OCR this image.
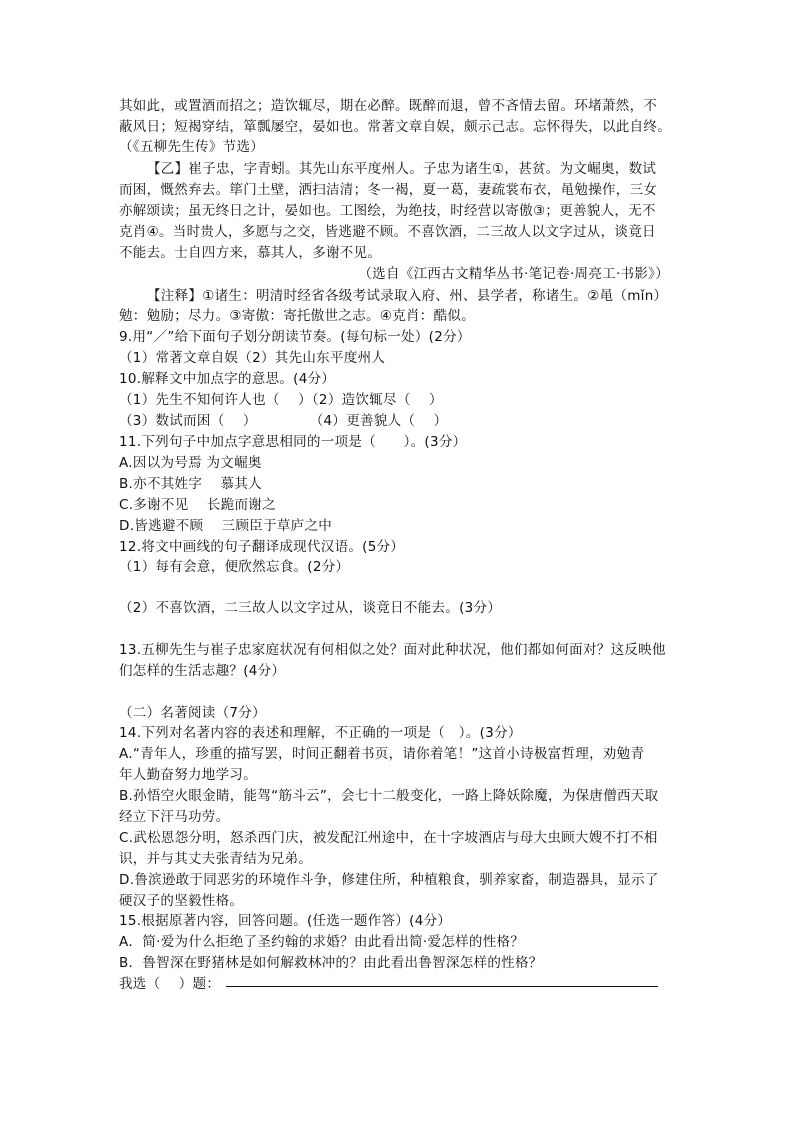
其如此，或置酒而招之；造饮辄尽，期在必醉。既醉而退，曾不吝情去留。环堵萧然，不
蔽风日；短褐穿结，箪瓢屡空，晏如也。常著文章自娱，颇示己志。忘怀得失，以此自终。
（《五柳先生传》节选）
【乙】崔子忠，字青蚓。其先山东平度州人。子忠为诸生①，甚贫。为文崛奥，数试
而困，慨然弃去。筚门土壁，洒扫洁清；冬一褐，夏一葛，妻疏裳布衣，黾勉操作，三女
亦解颂读；虽无终日之计，晏如也。工图绘，为绝技，时经营以寄傲③；更善貌人，无不
克肖④。当时贵人，多愿与之交，皆逃避不顾。不喜饮酒，二三故人以文字过从，谈竟日
不能去。士自四方来，慕其人，多谢不见。
（选自《江西古文精华丛书·笔记卷·周亮工·书影》）
【注释】①诸生：明清时经省各级考试录取入府、州、县学者，称诸生。②黾（mǐn）
勉：勉励；尽力。③寄傲：寄托傲世之志。④克肖：酷似。
9.用“／”给下面句子划分朗读节奏。(每句标一处）(2分）
（1）常著文章自娱（2）其先山东平度州人
10.解释文中加点字的意思。(4分）
（1）先生不知何许人也（　 ）（2）造饮辄尽（　 ）
（3）数试而困（　 ）　　　　 （4）更善貌人（　 ）
11.下列句子中加点字意思相同的一项是（　　）。(3分）
A.因以为号焉 为文崛奥
B.亦不其姓字　 慕其人
C.多谢不见　 长跪而谢之
D.皆逃避不顾　 三顾臣于草庐之中
12.将文中画线的句子翻译成现代汉语。(5分）
（1）每有会意，便欣然忘食。(2分）
（2）不喜饮酒，二三故人以文字过从，谈竟日不能去。(3分）
13.五柳先生与崔子忠家庭状况有何相似之处？面对此种状况，他们都如何面对？这反映他
们怎样的生活志趣？(4分）
（二）名著阅读（7分）
14.下列对名著内容的表述和理解，不正确的一项是（　）。(3分）
A.“青年人，珍重的描写罢，时间正翻着书页，请你着笔！”这首小诗极富哲理，劝勉青
年人勤奋努力地学习。
B.孙悟空火眼金睛，能驾“筋斗云”，会七十二般变化，一路上降妖除魔，为保唐僧西天取
经立下汗马功劳。
C.武松恩怨分明，怒杀西门庆，被发配江州途中，在十字坡酒店与母大虫顾大嫂不打不相
识，并与其丈夫张青结为兄弟。
D.鲁滨逊敢于同恶劣的环境作斗争，修建住所，种植粮食，驯养家畜，制造器具，显示了
硬汉子的坚毅性格。
15.根据原著内容，回答问题。(任选一题作答）(4分）
A．简·爱为什么拒绝了圣约翰的求婚？由此看出简·爱怎样的性格？
B．鲁智深在野猪林是如何解救林冲的？由此看出鲁智深怎样的性格？
我选（　 ）题：
